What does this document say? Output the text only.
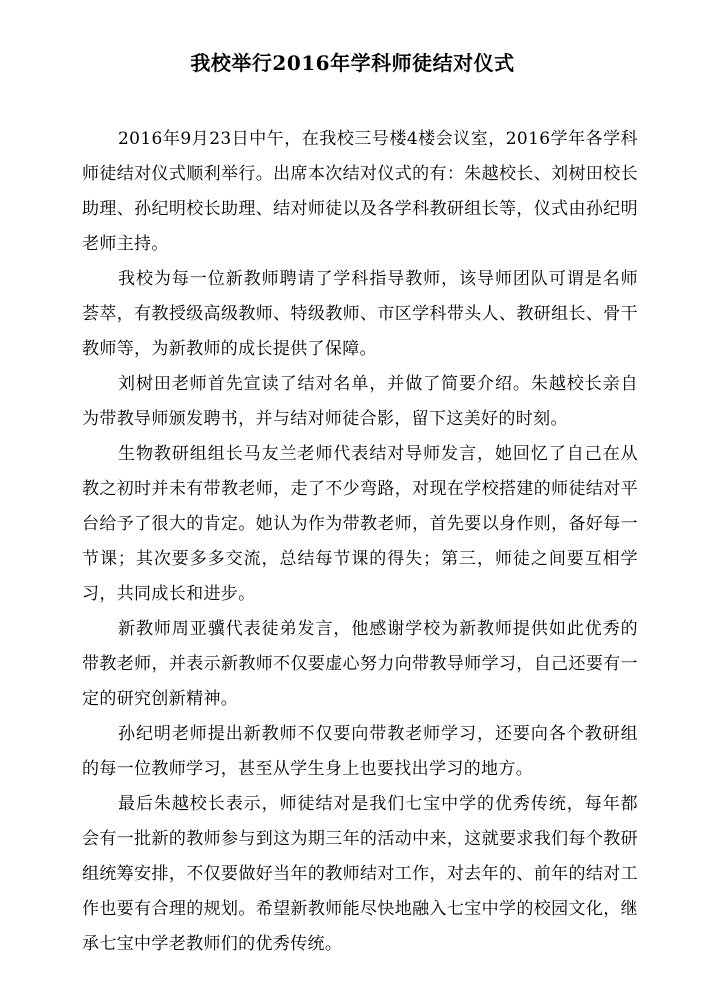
我校举行2016年学科师徒结对仪式

2016年9月23日中午，在我校三号楼4楼会议室，2016学年各学科师徒结对仪式顺利举行。出席本次结对仪式的有：朱越校长、刘树田校长助理、孙纪明校长助理、结对师徒以及各学科教研组长等，仪式由孙纪明老师主持。

我校为每一位新教师聘请了学科指导教师，该导师团队可谓是名师荟萃，有教授级高级教师、特级教师、市区学科带头人、教研组长、骨干教师等，为新教师的成长提供了保障。

刘树田老师首先宣读了结对名单，并做了简要介绍。朱越校长亲自为带教导师颁发聘书，并与结对师徒合影，留下这美好的时刻。

生物教研组组长马友兰老师代表结对导师发言，她回忆了自己在从教之初时并未有带教老师，走了不少弯路，对现在学校搭建的师徒结对平台给予了很大的肯定。她认为作为带教老师，首先要以身作则，备好每一节课；其次要多多交流，总结每节课的得失；第三，师徒之间要互相学习，共同成长和进步。

新教师周亚骥代表徒弟发言，他感谢学校为新教师提供如此优秀的带教老师，并表示新教师不仅要虚心努力向带教导师学习，自己还要有一定的研究创新精神。

孙纪明老师提出新教师不仅要向带教老师学习，还要向各个教研组的每一位教师学习，甚至从学生身上也要找出学习的地方。

最后朱越校长表示，师徒结对是我们七宝中学的优秀传统，每年都会有一批新的教师参与到这为期三年的活动中来，这就要求我们每个教研组统筹安排，不仅要做好当年的教师结对工作，对去年的、前年的结对工作也要有合理的规划。希望新教师能尽快地融入七宝中学的校园文化，继承七宝中学老教师们的优秀传统。
